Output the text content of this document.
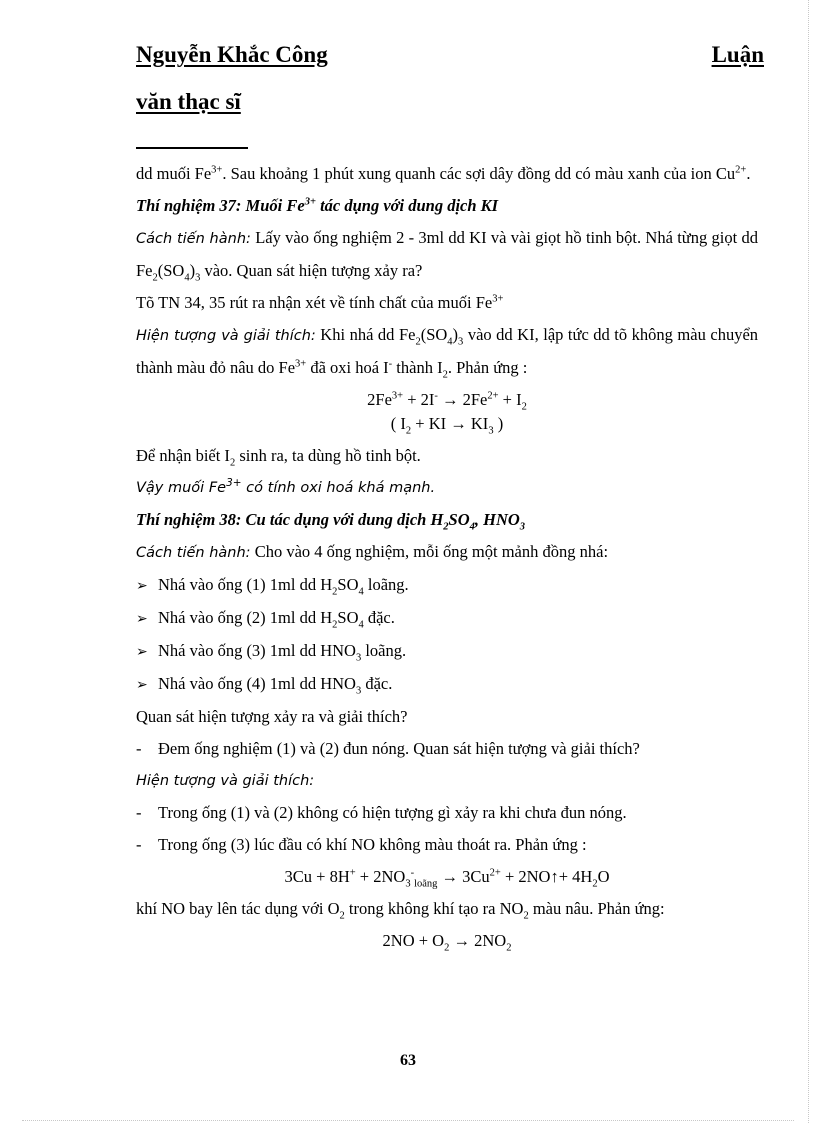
Nguyễn Khắc Công	Luận
văn thạc sĩ

dd muối $Fe^{3+}$. Sau khoảng 1 phút xung quanh các sợi dây đồng dd có màu xanh của ion $Cu^{2+}$.

Thí nghiệm 37: Muối $Fe^{3+}$ tác dụng với dung dịch KI

Cách tiến hành: Lấy vào ống nghiệm 2 - 3ml dd KI và vài giọt hồ tinh bột. Nhá từng giọt dd $Fe_2(SO_4)_3$ vào. Quan sát hiện tượng xảy ra?

Tõ TN 34, 35 rút ra nhận xét về tính chất của muối $Fe^{3+}$

Hiện tượng và giải thích: Khi nhá dd $Fe_2(SO_4)_3$ vào dd KI, lập tức dd tõ không màu chuyển thành màu đỏ nâu do $Fe^{3+}$ đã oxi hoá I- thành $I_2$. Phản ứng :

$2Fe^{3+} + 2I^- \to 2Fe^{2+} + I_2$

( $I_2$ + KI → $KI_3$ )

Để nhận biết $I_2$ sinh ra, ta dùng hồ tinh bột.

Vậy muối $Fe^{3+}$ có tính oxi hoá khá mạnh.

Thí nghiệm 38: Cu tác dụng với dung dịch $H_2SO_4$, $HNO_3$

Cách tiến hành: Cho vào 4 ống nghiệm, mỗi ống một mảnh đồng nhá:

➢ Nhá vào ống (1) 1ml dd $H_2SO_4$ loãng.
➢ Nhá vào ống (2) 1ml dd $H_2SO_4$ đặc.
➢ Nhá vào ống (3) 1ml dd $HNO_3$ loãng.
➢ Nhá vào ống (4) 1ml dd $HNO_3$ đặc.

Quan sát hiện tượng xảy ra và giải thích?

-	Đem ống nghiệm (1) và (2) đun nóng. Quan sát hiện tượng và giải thích?

Hiện tượng và giải thích:

-	Trong ống (1) và (2) không có hiện tượng gì xảy ra khi chưa đun nóng.
-	Trong ống (3) lúc đầu có khí NO không màu thoát ra. Phản ứng :

$3Cu + 8H^+ + 2NO_3^-_{loãng} \to 3Cu^{2+}$ + 2NO↑+ $4H_2O$

khí NO bay lên tác dụng với $O_2$ trong không khí tạo ra $NO_2$ màu nâu. Phản ứng:

$2NO + O_2 \to 2NO_2$

63
